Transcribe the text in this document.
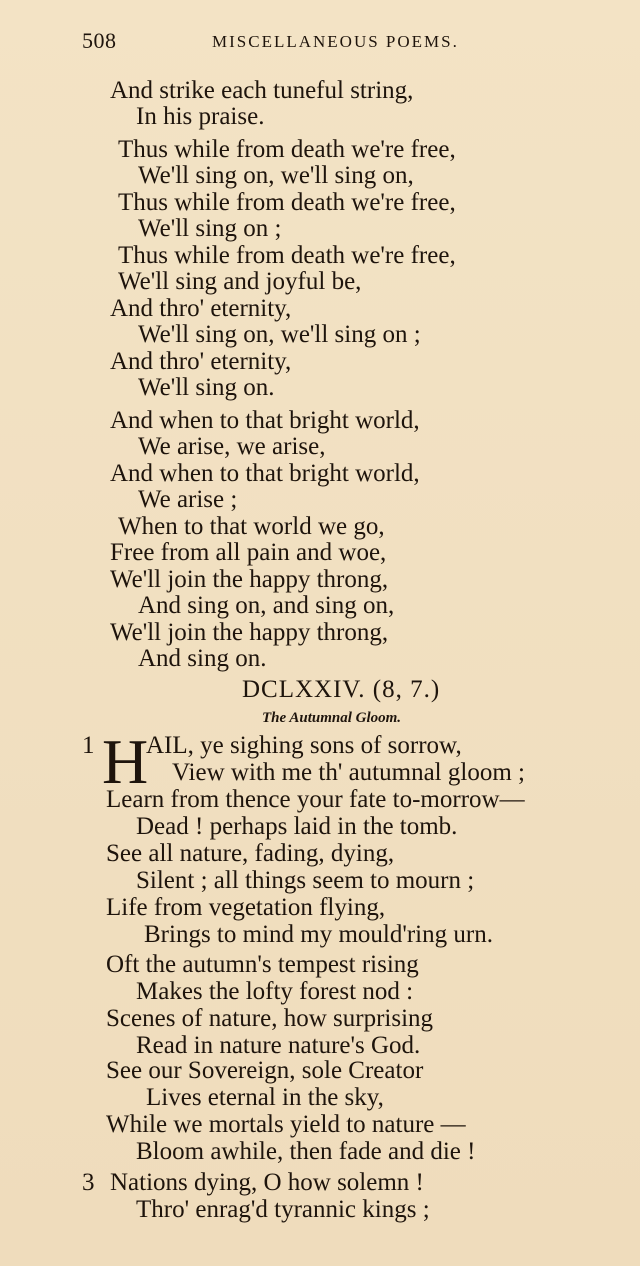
508	MISCELLANEOUS POEMS.
And strike each tuneful string,
In his praise.
Thus while from death we're free,
We'll sing on, we'll sing on,
Thus while from death we're free,
We'll sing on ;
Thus while from death we're free,
We'll sing and joyful be,
And thro' eternity,
We'll sing on, we'll sing on ;
And thro' eternity,
We'll sing on.
And when to that bright world,
We arise, we arise,
And when to that bright world,
We arise ;
When to that world we go,
Free from all pain and woe,
We'll join the happy throng,
And sing on, and sing on,
We'll join the happy throng,
And sing on.
DCLXXIV. (8, 7.)
The Autumnal Gloom.
1 H
AIL, ye sighing sons of sorrow,
View with me th' autumnal gloom ;
Learn from thence your fate to-morrow—
Dead ! perhaps laid in the tomb.
See all nature, fading, dying,
Silent ; all things seem to mourn ;
Life from vegetation flying,
Brings to mind my mould'ring urn.
Oft the autumn's tempest rising
Makes the lofty forest nod :
Scenes of nature, how surprising
Read in nature nature's God.
See our Sovereign, sole Creator
Lives eternal in the sky,
While we mortals yield to nature —
Bloom awhile, then fade and die !
3 Nations dying, O how solemn !
Thro' enrag'd tyrannic kings ;
